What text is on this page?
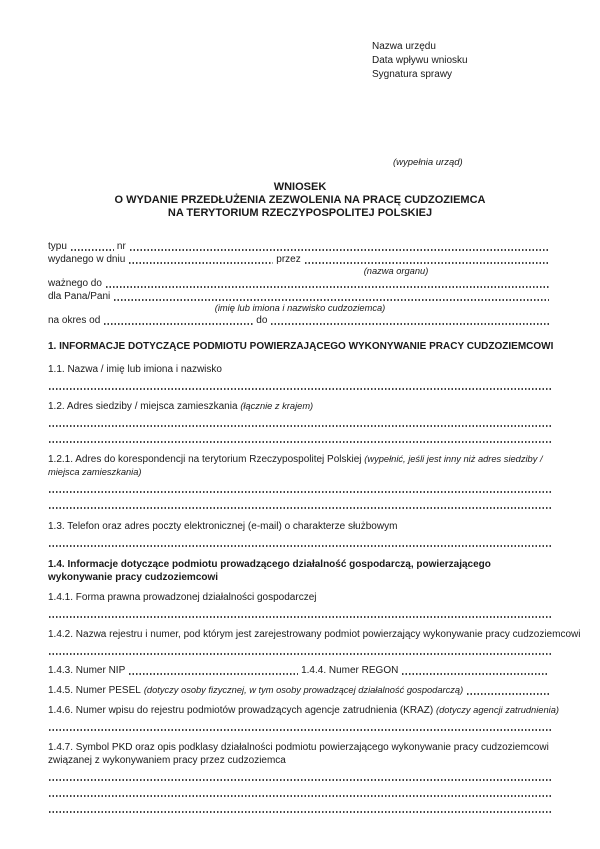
Nazwa urzędu
Data wpływu wniosku
Sygnatura sprawy
(wypełnia urząd)
WNIOSEK
O WYDANIE PRZEDŁUŻENIA ZEZWOLENIA NA PRACĘ CUDZOZIEMCA
NA TERYTORIUM RZECZYPOSPOLITEJ POLSKIEJ
typu	nr
wydanego w dniu	przez
(nazwa organu)
ważnego do
dla Pana/Pani
(imię lub imiona i nazwisko cudzoziemca)
na okres od	do

1. INFORMACJE DOTYCZĄCE PODMIOTU POWIERZAJĄCEGO WYKONYWANIE PRACY CUDZOZIEMCOWI

1.1. Nazwa / imię lub imiona i nazwisko

1.2. Adres siedziby / miejsca zamieszkania (łącznie z krajem)

1.2.1. Adres do korespondencji na terytorium Rzeczypospolitej Polskiej (wypełnić, jeśli jest inny niż adres siedziby / miejsca zamieszkania)

1.3. Telefon oraz adres poczty elektronicznej (e-mail) o charakterze służbowym

1.4. Informacje dotyczące podmiotu prowadzącego działalność gospodarczą, powierzającego wykonywanie pracy cudzoziemcowi

1.4.1. Forma prawna prowadzonej działalności gospodarczej

1.4.2. Nazwa rejestru i numer, pod którym jest zarejestrowany podmiot powierzający wykonywanie pracy cudzoziemcowi

1.4.3. Numer NIP	1.4.4. Numer REGON
1.4.5. Numer PESEL (dotyczy osoby fizycznej, w tym osoby prowadzącej działalność gospodarczą)

1.4.6. Numer wpisu do rejestru podmiotów prowadzących agencje zatrudnienia (KRAZ) (dotyczy agencji zatrudnienia)

1.4.7. Symbol PKD oraz opis podklasy działalności podmiotu powierzającego wykonywanie pracy cudzoziemcowi związanej z wykonywaniem pracy przez cudzoziemca
